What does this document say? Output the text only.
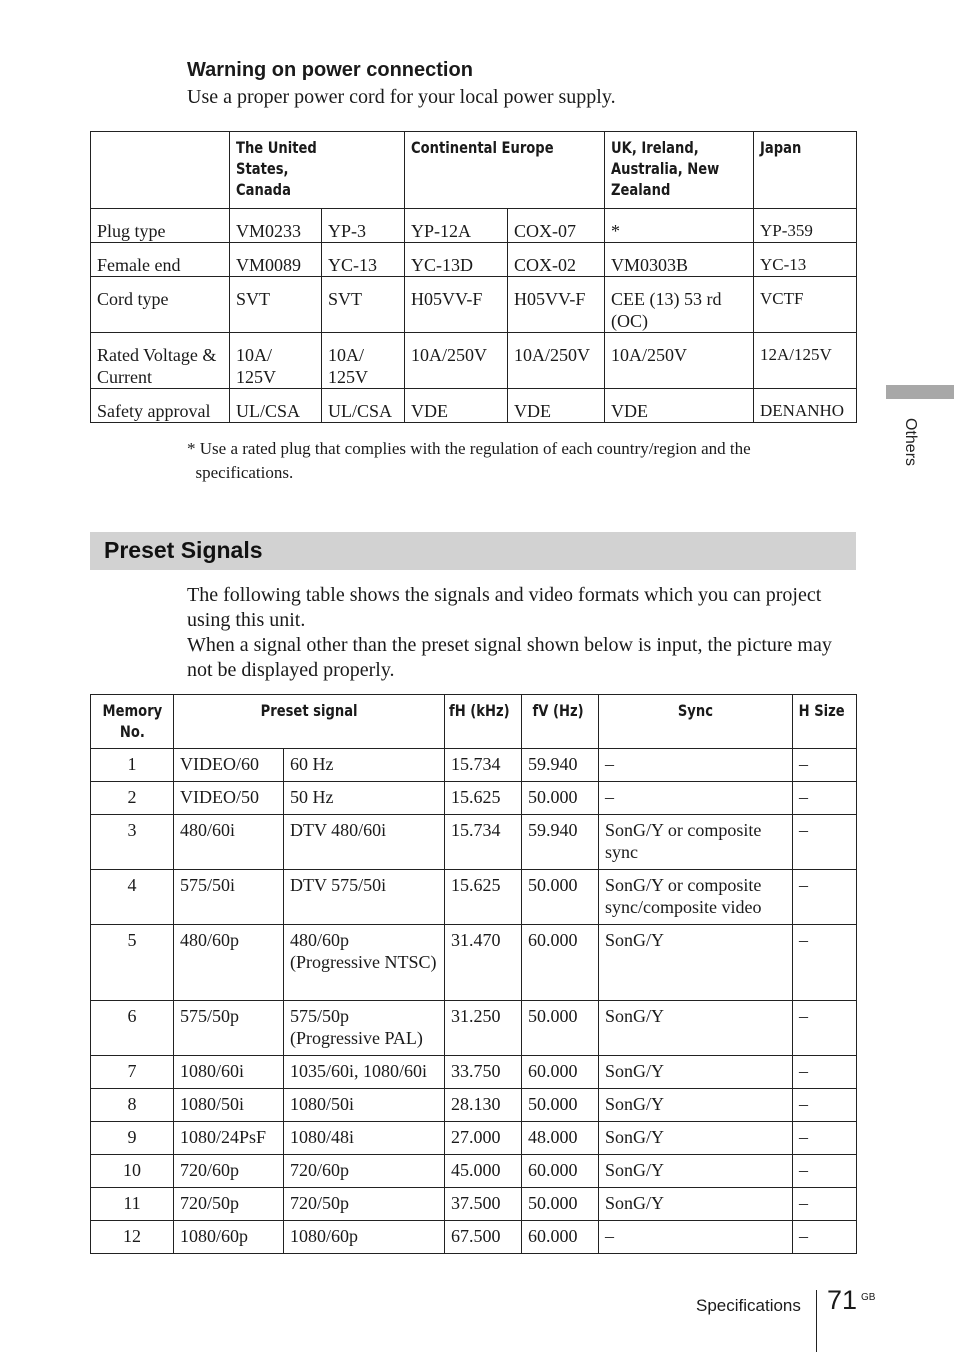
Others
Warning on power connection
Use a proper power cord for your local power supply.
	The United States,
Canada		Continental Europe		UK, Ireland,
Australia, New
Zealand	Japan
Plug type	VM0233	YP-3	YP-12A	COX-07	*	YP-359
Female end	VM0089	YC-13	YC-13D	COX-02	VM0303B	YC-13
Cord type	SVT	SVT	H05VV-F	H05VV-F	CEE (13) 53 rd (OC)	VCTF
Rated Voltage & Current	10A/ 125V	10A/ 125V	10A/250V	10A/250V	10A/250V	12A/125V
Safety approval	UL/CSA	UL/CSA	VDE	VDE	VDE	DENANHO
* Use a rated plug that complies with the regulation of each country/region and the
specifications.
Preset Signals
The following table shows the signals and video formats which you can project using this unit.
When a signal other than the preset signal shown below is input, the picture may not be displayed properly.
Memory
No.	Preset signal		fH (kHz)	fV (Hz)	Sync	H Size
1	VIDEO/60	60 Hz	15.734	59.940	–	–
2	VIDEO/50	50 Hz	15.625	50.000	–	–
3	480/60i	DTV 480/60i	15.734	59.940	SonG/Y or composite sync	–
4	575/50i	DTV 575/50i	15.625	50.000	SonG/Y or composite sync/composite video	–
5	480/60p	480/60p (Progressive NTSC)	31.470	60.000	SonG/Y	–
6	575/50p	575/50p (Progressive PAL)	31.250	50.000	SonG/Y	–
7	1080/60i	1035/60i, 1080/60i	33.750	60.000	SonG/Y	–
8	1080/50i	1080/50i	28.130	50.000	SonG/Y	–
9	1080/24PsF	1080/48i	27.000	48.000	SonG/Y	–
10	720/60p	720/60p	45.000	60.000	SonG/Y	–
11	720/50p	720/50p	37.500	50.000	SonG/Y	–
12	1080/60p	1080/60p	67.500	60.000	–	–
Specifications 71 GB
